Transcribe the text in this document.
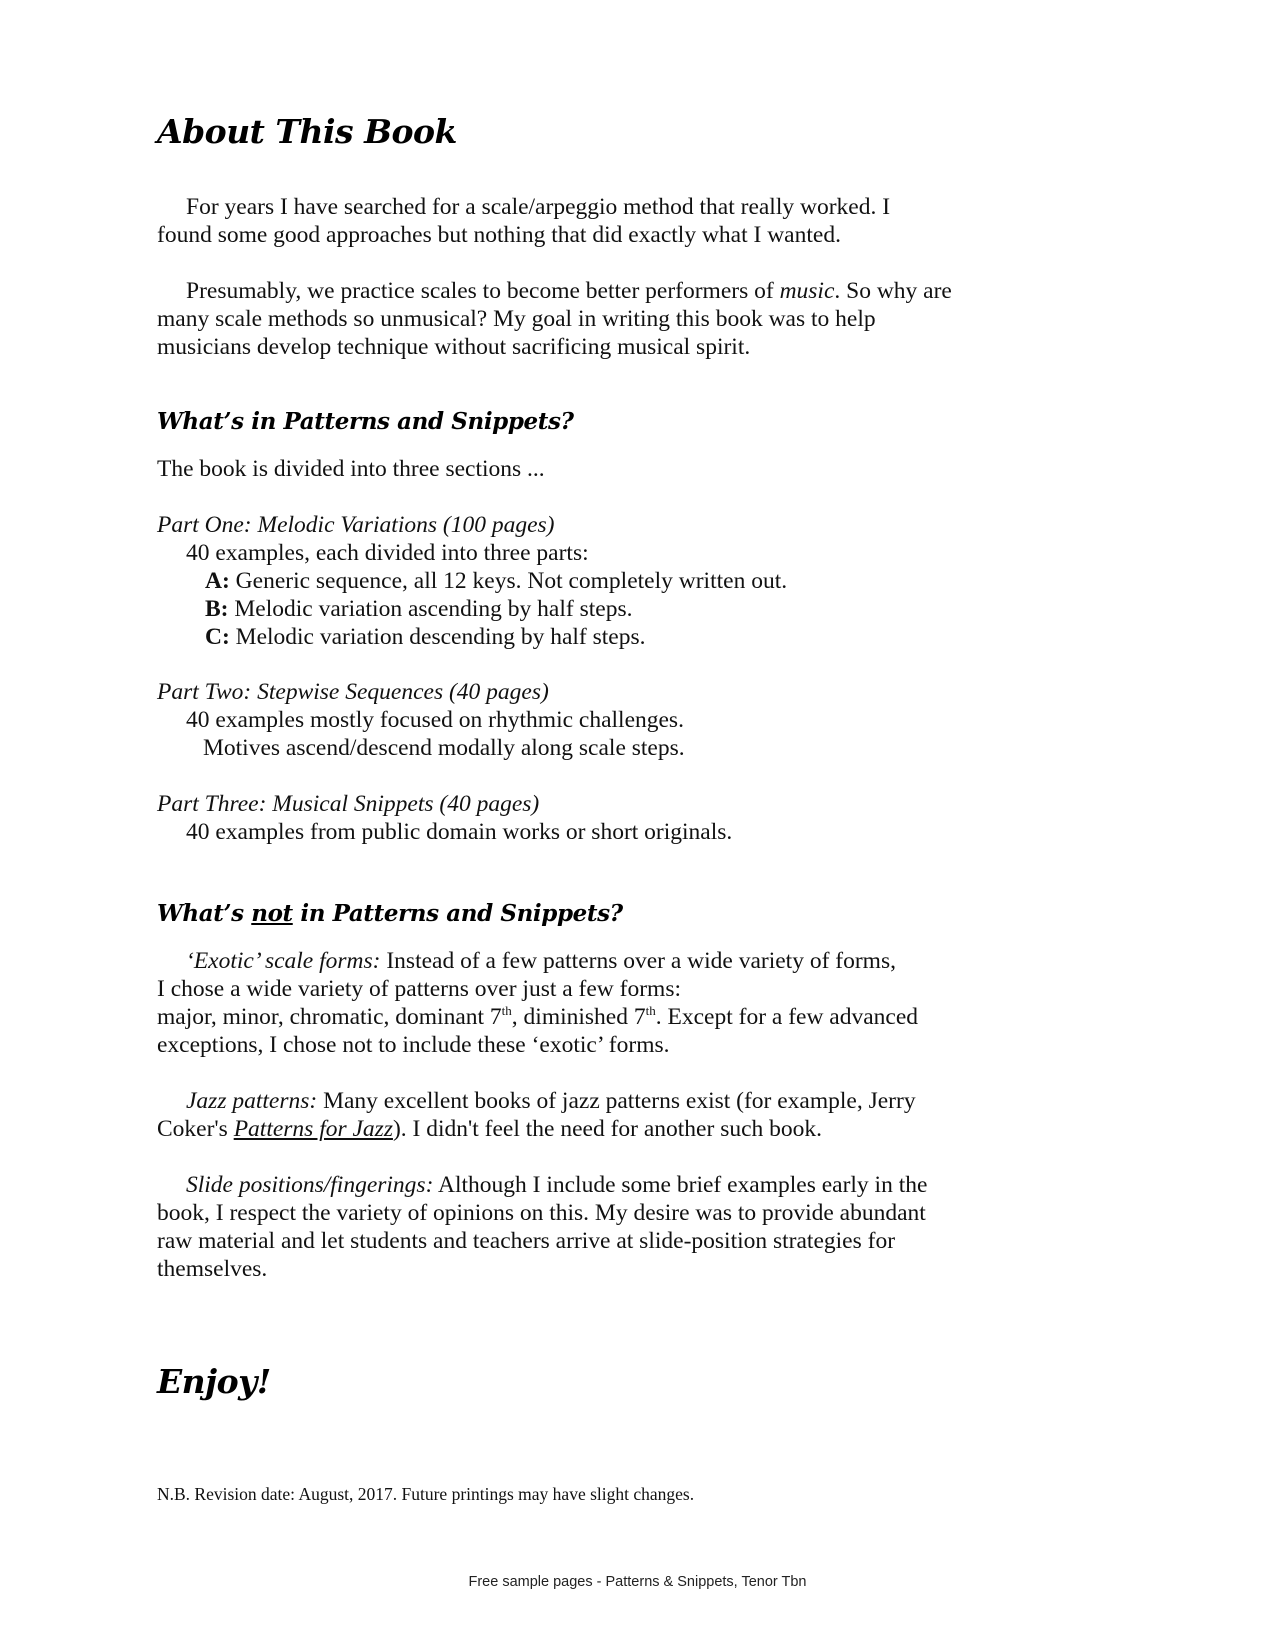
About This Book
For years I have searched for a scale/arpeggio method that really worked. I
found some good approaches but nothing that did exactly what I wanted.
Presumably, we practice scales to become better performers of music. So why are
many scale methods so unmusical? My goal in writing this book was to help
musicians develop technique without sacrificing musical spirit.
What’s in Patterns and Snippets?
The book is divided into three sections ...
Part One: Melodic Variations (100 pages)
40 examples, each divided into three parts:
A: Generic sequence, all 12 keys. Not completely written out.
B: Melodic variation ascending by half steps.
C: Melodic variation descending by half steps.
Part Two: Stepwise Sequences (40 pages)
40 examples mostly focused on rhythmic challenges.
Motives ascend/descend modally along scale steps.
Part Three: Musical Snippets (40 pages)
40 examples from public domain works or short originals.
What’s not in Patterns and Snippets?
‘Exotic’ scale forms: Instead of a few patterns over a wide variety of forms,
I chose a wide variety of patterns over just a few forms:
major, minor, chromatic, dominant 7th, diminished 7th. Except for a few advanced
exceptions, I chose not to include these ‘exotic’ forms.
Jazz patterns: Many excellent books of jazz patterns exist (for example, Jerry
Coker's Patterns for Jazz). I didn't feel the need for another such book.
Slide positions/fingerings: Although I include some brief examples early in the
book, I respect the variety of opinions on this. My desire was to provide abundant
raw material and let students and teachers arrive at slide-position strategies for
themselves.
Enjoy!
N.B. Revision date: August, 2017. Future printings may have slight changes.
Free sample pages - Patterns & Snippets, Tenor Tbn
